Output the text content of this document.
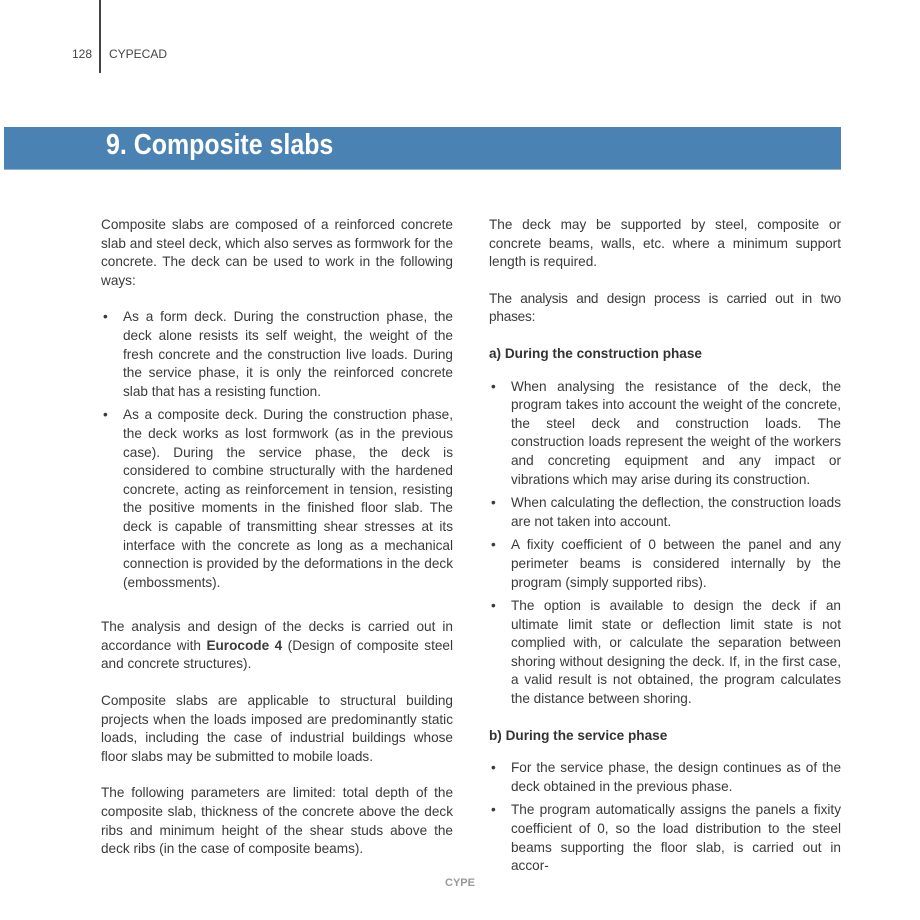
128 CYPECAD
9. Composite slabs

Composite slabs are composed of a reinforced concrete slab and steel deck, which also serves as formwork for the concrete. The deck can be used to work in the following ways:

• As a form deck. During the construction phase, the deck alone resists its self weight, the weight of the fresh concrete and the construction live loads. During the service phase, it is only the reinforced concrete slab that has a resisting function.
• As a composite deck. During the construction phase, the deck works as lost formwork (as in the previous case). During the service phase, the deck is considered to combine structurally with the hardened concrete, acting as reinforcement in tension, resisting the positive moments in the finished floor slab. The deck is capable of transmitting shear stresses at its interface with the concrete as long as a mechanical connection is provided by the deformations in the deck (embossments).

The analysis and design of the decks is carried out in accordance with Eurocode 4 (Design of composite steel and concrete structures).

Composite slabs are applicable to structural building projects when the loads imposed are predominantly static loads, including the case of industrial buildings whose floor slabs may be submitted to mobile loads.

The following parameters are limited: total depth of the composite slab, thickness of the concrete above the deck ribs and minimum height of the shear studs above the deck ribs (in the case of composite beams).

The deck may be supported by steel, composite or concrete beams, walls, etc. where a minimum support length is required.

The analysis and design process is carried out in two phases:

a) During the construction phase
• When analysing the resistance of the deck, the program takes into account the weight of the concrete, the steel deck and construction loads. The construction loads represent the weight of the workers and concreting equipment and any impact or vibrations which may arise during its construction.
• When calculating the deflection, the construction loads are not taken into account.
• A fixity coefficient of 0 between the panel and any perimeter beams is considered internally by the program (simply supported ribs).
• The option is available to design the deck if an ultimate limit state or deflection limit state is not complied with, or calculate the separation between shoring without designing the deck. If, in the first case, a valid result is not obtained, the program calculates the distance between shoring.
b) During the service phase
• For the service phase, the design continues as of the deck obtained in the previous phase.
• The program automatically assigns the panels a fixity coefficient of 0, so the load distribution to the steel beams supporting the floor slab, is carried out in accor-
CYPE
